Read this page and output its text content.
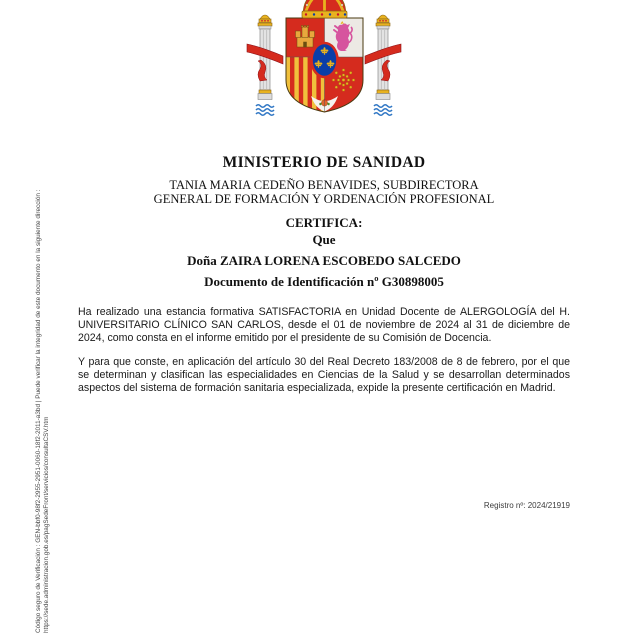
MINISTERIO DE SANIDAD
TANIA MARIA CEDEÑO BENAVIDES, SUBDIRECTORA
GENERAL DE FORMACIÓN Y ORDENACIÓN PROFESIONAL
CERTIFICA:
Que
Doña ZAIRA LORENA ESCOBEDO SALCEDO
Documento de Identificación nº G30898005
Ha realizado una estancia formativa SATISFACTORIA en Unidad Docente de ALERGOLOGÍA del H. UNIVERSITARIO CLÍNICO SAN CARLOS, desde el 01 de noviembre de 2024 al 31 de diciembre de 2024, como consta en el informe emitido por el presidente de su Comisión de Docencia.
Y para que conste, en aplicación del artículo 30 del Real Decreto 183/2008 de 8 de febrero, por el que se determinan y clasifican las especialidades en Ciencias de la Salud y se desarrollan determinados aspectos del sistema de formación sanitaria especializada, expide la presente certificación en Madrid.
Registro nº: 2024/21919
Código seguro de Verificación : GEN-bbf0-98f2-2955-2951-0060-18f2-2011-a3bd | Puede verificar la integridad de este documento en la siguiente dirección : https://sede.administracion.gob.es/pagSedeFront/servicios/consultaCSV.htm
